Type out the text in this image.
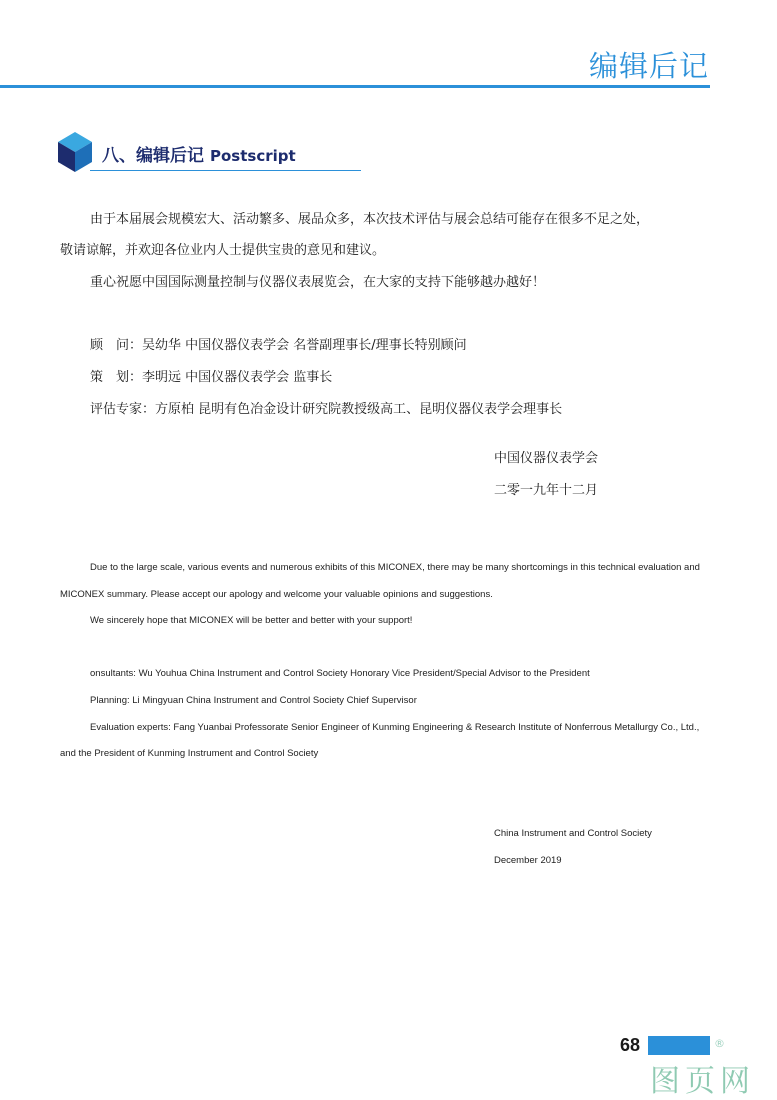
编辑后记
八、编辑后记 Postscript
由于本届展会规模宏大、活动繁多、展品众多，本次技术评估与展会总结可能存在很多不足之处，
敬请谅解，并欢迎各位业内人士提供宝贵的意见和建议。
重心祝愿中国国际测量控制与仪器仪表展览会，在大家的支持下能够越办越好！
顾　问：吴幼华 中国仪器仪表学会 名誉副理事长/理事长特别顾问
策　划：李明远 中国仪器仪表学会 监事长
评估专家：方原柏 昆明有色冶金设计研究院教授级高工、昆明仪器仪表学会理事长
中国仪器仪表学会
二零一九年十二月
Due to the large scale, various events and numerous exhibits of this MICONEX, there may be many shortcomings in this technical evaluation and
MICONEX summary. Please accept our apology and welcome your valuable opinions and suggestions.
We sincerely hope that MICONEX will be better and better with your support!
onsultants: Wu Youhua China Instrument and Control Society Honorary Vice President/Special Advisor to the President
Planning: Li Mingyuan China Instrument and Control Society Chief Supervisor
Evaluation experts: Fang Yuanbai Professorate Senior Engineer of Kunming Engineering & Research Institute of Nonferrous Metallurgy Co., Ltd.,
and the President of Kunming Instrument and Control Society
China Instrument and Control Society
December 2019
68	®
图页网
